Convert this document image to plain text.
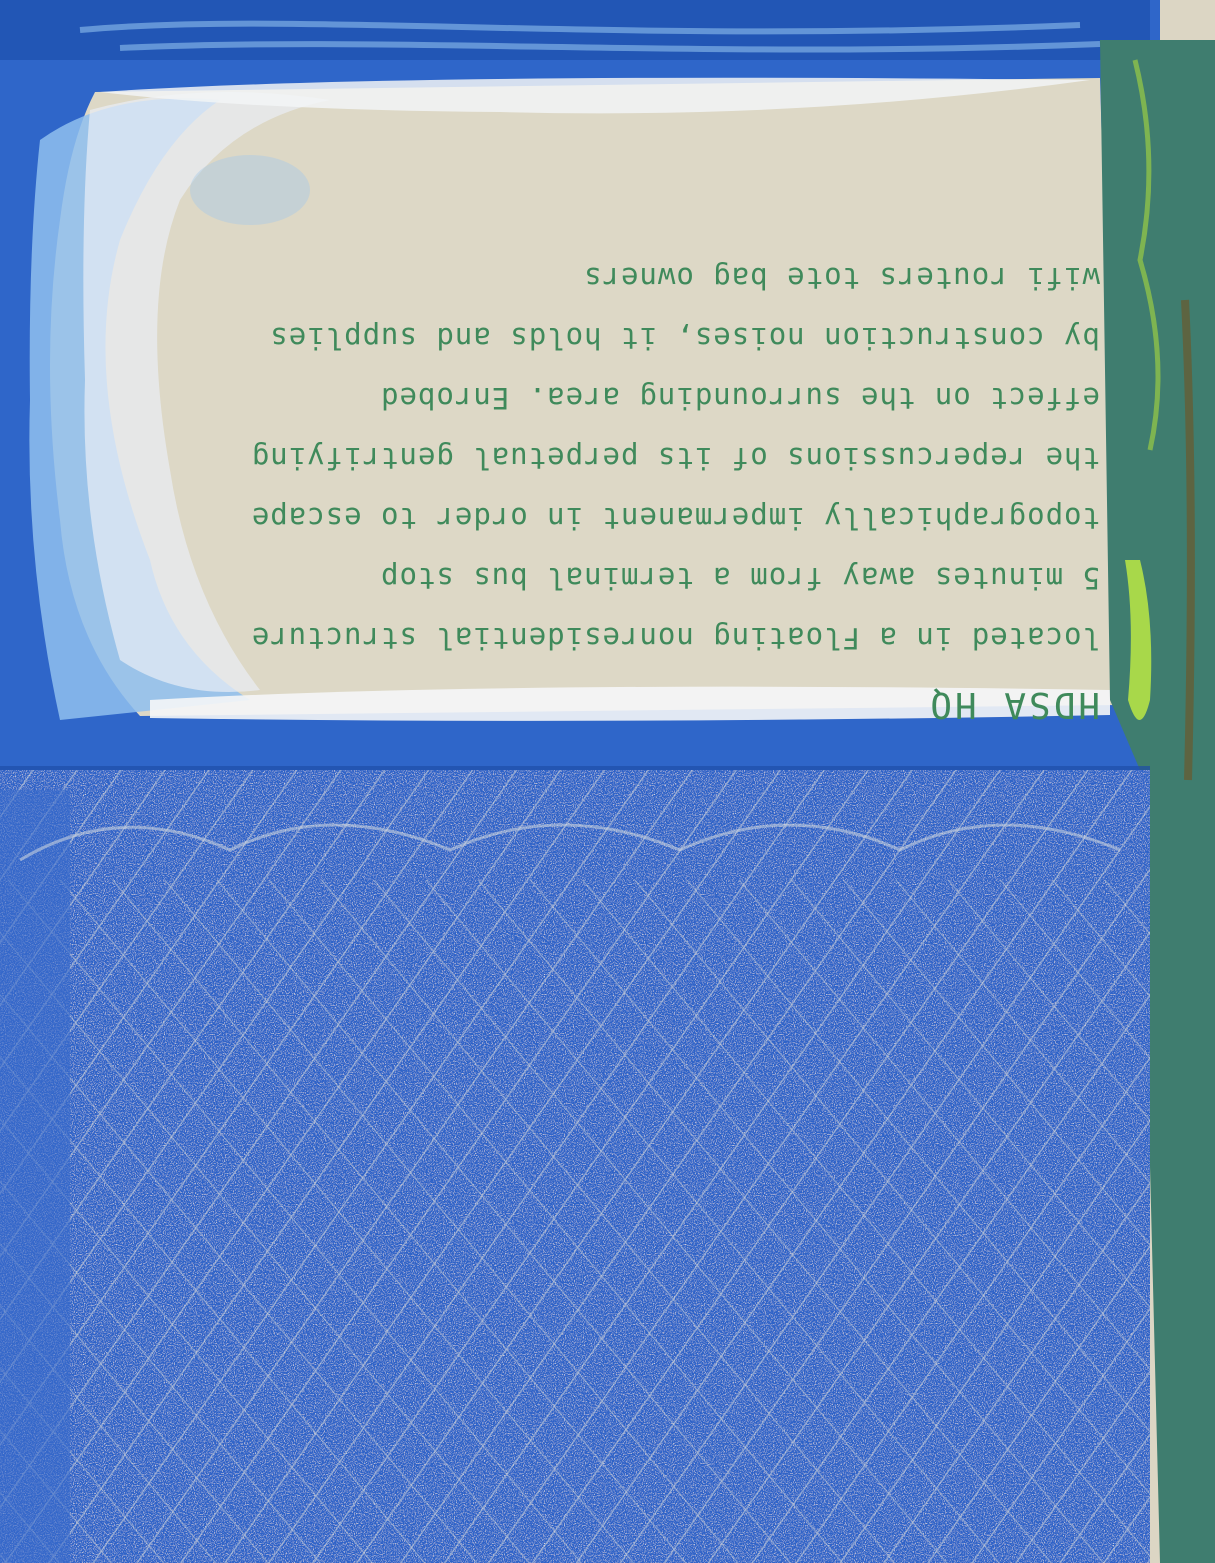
HDSA HQ
located in a Floating nonresidential structure
5 minutes away from a terminal bus stop
topographically impermanent in order to escape
the repercussions of its perpetual gentrifying
effect on the surrounding area. Enrobed
by construction noises, it holds and supplies
wifi routers tote bag owners
